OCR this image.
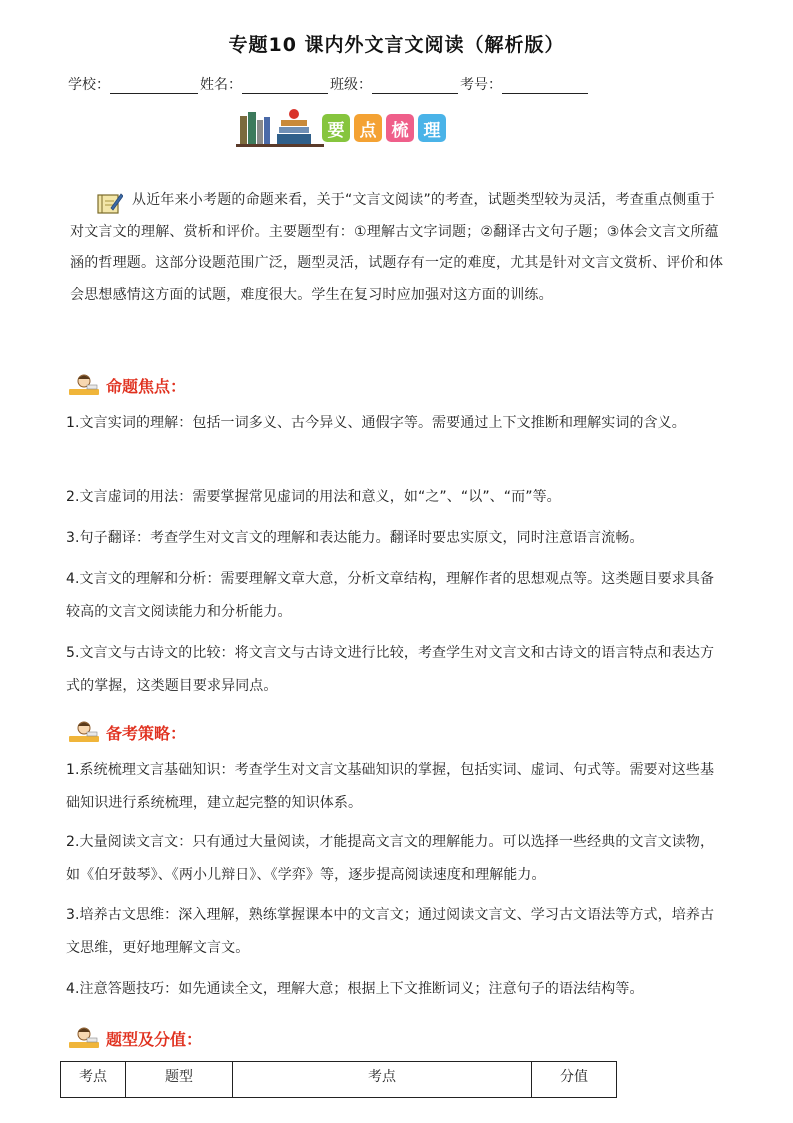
专题10 课内外文言文阅读（解析版）
学校：	姓名：	班级：	考号：
要 点 梳 理
从近年来小考题的命题来看，关于“文言文阅读”的考查，试题类型较为灵活，考查重点侧重于对文言文的理解、赏析和评价。主要题型有：①理解古文字词题；②翻译古文句子题；③体会文言文所蕴涵的哲理题。这部分设题范围广泛，题型灵活，试题存有一定的难度，尤其是针对文言文赏析、评价和体会思想感情这方面的试题，难度很大。学生在复习时应加强对这方面的训练。
命题焦点：
1.文言实词的理解：包括一词多义、古今异义、通假字等。需要通过上下文推断和理解实词的含义。
2.文言虚词的用法：需要掌握常见虚词的用法和意义，如“之”、“以”、“而”等。
3.句子翻译：考查学生对文言文的理解和表达能力。翻译时要忠实原文，同时注意语言流畅。
4.文言文的理解和分析：需要理解文章大意，分析文章结构，理解作者的思想观点等。这类题目要求具备较高的文言文阅读能力和分析能力。
5.文言文与古诗文的比较：将文言文与古诗文进行比较，考查学生对文言文和古诗文的语言特点和表达方式的掌握，这类题目要求异同点。
备考策略：
1.系统梳理文言基础知识：考查学生对文言文基础知识的掌握，包括实词、虚词、句式等。需要对这些基础知识进行系统梳理，建立起完整的知识体系。
2.大量阅读文言文：只有通过大量阅读，才能提高文言文的理解能力。可以选择一些经典的文言文读物，如《伯牙鼓琴》、《两小儿辩日》、《学弈》等，逐步提高阅读速度和理解能力。
3.培养古文思维：深入理解，熟练掌握课本中的文言文；通过阅读文言文、学习古文语法等方式，培养古文思维，更好地理解文言文。
4.注意答题技巧：如先通读全文，理解大意；根据上下文推断词义；注意句子的语法结构等。
题型及分值：
考点	题型	考点	分值
